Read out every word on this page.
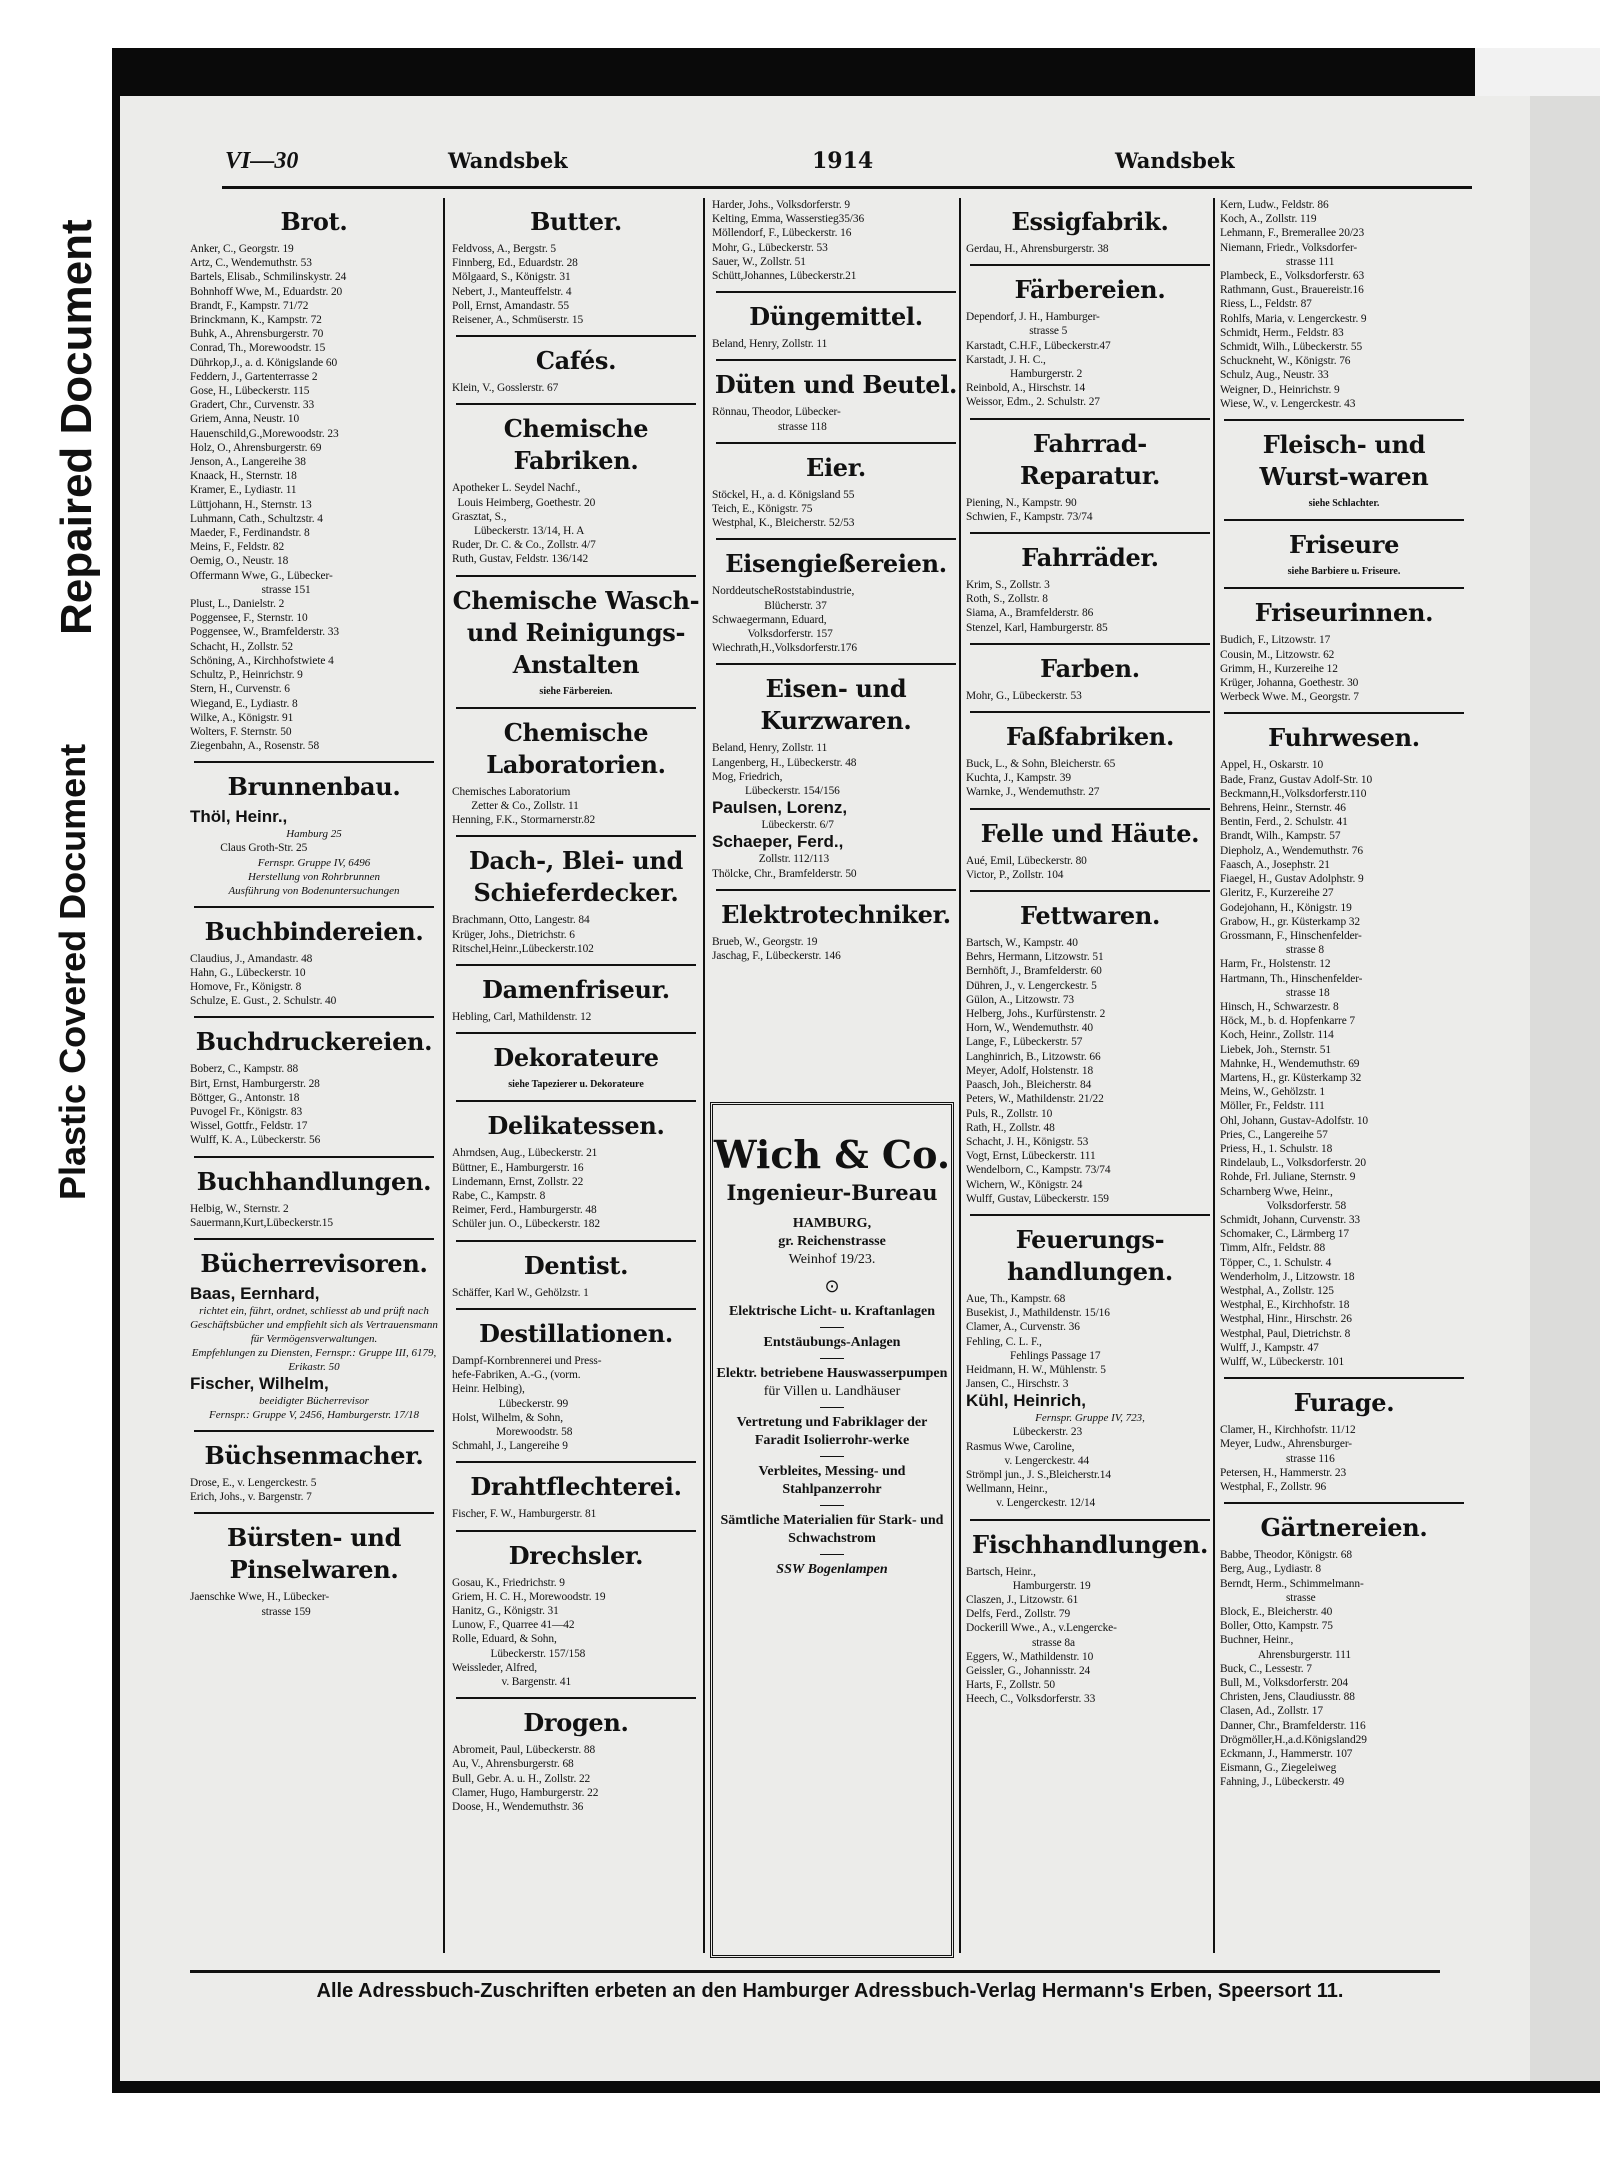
Plastic Covered Document
Repaired Document
VI—30	Wandsbek	1914	Wandsbek
Brot.
Anker, C., Georgstr. 19
Artz, C., Wendemuthstr. 53
Bartels, Elisab., Schmilinskystr. 24
Bohnhoff Wwe, M., Eduardstr. 20
Brandt, F., Kampstr. 71/72
Brinckmann, K., Kampstr. 72
Buhk, A., Ahrensburgerstr. 70
Conrad, Th., Morewoodstr. 15
Dührkop,J., a. d. Königslande 60
Feddern, J., Gartenterrasse 2
Gose, H., Lübeckerstr. 115
Gradert, Chr., Curvenstr. 33
Griem, Anna, Neustr. 10
Hauenschild,G.,Morewoodstr. 23
Holz, O., Ahrensburgerstr. 69
Jenson, A., Langereihe 38
Knaack, H., Sternstr. 18
Kramer, E., Lydiastr. 11
Lüttjohann, H., Sternstr. 13
Luhmann, Cath., Schultzstr. 4
Maeder, F., Ferdinandstr. 8
Meins, F., Feldstr. 82
Oemig, O., Neustr. 18
Offermann Wwe, G., Lübecker-
strasse 151
Plust, L., Danielstr. 2
Poggensee, F., Sternstr. 10
Poggensee, W., Bramfelderstr. 33
Schacht, H., Zollstr. 52
Schöning, A., Kirchhofstwiete 4
Schultz, P., Heinrichstr. 9
Stern, H., Curvenstr. 6
Wiegand, E., Lydiastr. 8
Wilke, A., Königstr. 91
Wolters, F. Sternstr. 50
Ziegenbahn, A., Rosenstr. 58
Brunnenbau.
Thöl, Heinr.,
Hamburg 25
Claus Groth-Str. 25
Fernspr. Gruppe IV, 6496
Herstellung von Rohrbrunnen
Ausführung von Bodenuntersuchungen
Buchbindereien.
Claudius, J., Amandastr. 48
Hahn, G., Lübeckerstr. 10
Homove, Fr., Königstr. 8
Schulze, E. Gust., 2. Schulstr. 40
Buchdruckereien.
Boberz, C., Kampstr. 88
Birt, Ernst, Hamburgerstr. 28
Böttger, G., Antonstr. 18
Puvogel Fr., Königstr. 83
Wissel, Gottfr., Feldstr. 17
Wulff, K. A., Lübeckerstr. 56
Buchhandlungen.
Helbig, W., Sternstr. 2
Sauermann,Kurt,Lübeckerstr.15
Bücherrevisoren.
Baas, Eernhard,
richtet ein, führt, ordnet, schliesst ab und prüft nach Geschäftsbücher und empfiehlt sich als Vertrauensmann für Vermögensverwaltungen.
Empfehlungen zu Diensten, Fernspr.: Gruppe III, 6179, Erikastr. 50
Fischer, Wilhelm,
beeidigter Bücherrevisor
Fernspr.: Gruppe V, 2456, Hamburgerstr. 17/18
Büchsenmacher.
Drose, E., v. Lengerckestr. 5
Erich, Johs., v. Bargenstr. 7
Bürsten- und Pinselwaren.
Jaenschke Wwe, H., Lübecker-
strasse 159
Butter.
Feldvoss, A., Bergstr. 5
Finnberg, Ed., Eduardstr. 28
Mölgaard, S., Königstr. 31
Nebert, J., Manteuffelstr. 4
Poll, Ernst, Amandastr. 55
Reisener, A., Schmüserstr. 15
Cafés.
Klein, V., Gosslerstr. 67
Chemische Fabriken.
Apotheker L. Seydel Nachf.,
Louis Heimberg, Goethestr. 20
Grasztat, S.,
Lübeckerstr. 13/14, H. A
Ruder, Dr. C. & Co., Zollstr. 4/7
Ruth, Gustav, Feldstr. 136/142
Chemische Wasch- und Reinigungs-Anstalten
siehe Färbereien.
Chemische Laboratorien.
Chemisches Laboratorium
Zetter & Co., Zollstr. 11
Henning, F.K., Stormarnerstr.82
Dach-, Blei- und Schieferdecker.
Brachmann, Otto, Langestr. 84
Krüger, Johs., Dietrichstr. 6
Ritschel,Heinr.,Lübeckerstr.102
Damenfriseur.
Hebling, Carl, Mathildenstr. 12
Dekorateure
siehe Tapezierer u. Dekorateure
Delikatessen.
Ahrndsen, Aug., Lübeckerstr. 21
Büttner, E., Hamburgerstr. 16
Lindemann, Ernst, Zollstr. 22
Rabe, C., Kampstr. 8
Reimer, Ferd., Hamburgerstr. 48
Schüler jun. O., Lübeckerstr. 182
Dentist.
Schäffer, Karl W., Gehölzstr. 1
Destillationen.
Dampf-Kornbrennerei und Press-
hefe-Fabriken, A.-G., (vorm.
Heinr. Helbing),
Lübeckerstr. 99
Holst, Wilhelm, & Sohn,
Morewoodstr. 58
Schmahl, J., Langereihe 9
Drahtflechterei.
Fischer, F. W., Hamburgerstr. 81
Drechsler.
Gosau, K., Friedrichstr. 9
Griem, H. C. H., Morewoodstr. 19
Hanitz, G., Königstr. 31
Lunow, F., Quarree 41—42
Rolle, Eduard, & Sohn,
Lübeckerstr. 157/158
Weissleder, Alfred,
v. Bargenstr. 41
Drogen.
Abromeit, Paul, Lübeckerstr. 88
Au, V., Ahrensburgerstr. 68
Bull, Gebr. A. u. H., Zollstr. 22
Clamer, Hugo, Hamburgerstr. 22
Doose, H., Wendemuthstr. 36
Harder, Johs., Volksdorferstr. 9
Kelting, Emma, Wasserstieg35/36
Möllendorf, F., Lübeckerstr. 16
Mohr, G., Lübeckerstr. 53
Sauer, W., Zollstr. 51
Schütt,Johannes, Lübeckerstr.21
Düngemittel.
Beland, Henry, Zollstr. 11
Düten und Beutel.
Rönnau, Theodor, Lübecker-
strasse 118
Eier.
Stöckel, H., a. d. Königsland 55
Teich, E., Königstr. 75
Westphal, K., Bleicherstr. 52/53
Eisengießereien.
NorddeutscheRoststabindustrie,
Blücherstr. 37
Schwaegermann, Eduard,
Volksdorferstr. 157
Wiechrath,H.,Volksdorferstr.176
Eisen- und Kurzwaren.
Beland, Henry, Zollstr. 11
Langenberg, H., Lübeckerstr. 48
Mog, Friedrich,
Lübeckerstr. 154/156
Paulsen, Lorenz,
Lübeckerstr. 6/7
Schaeper, Ferd.,
Zollstr. 112/113
Thölcke, Chr., Bramfelderstr. 50
Elektrotechniker.
Brueb, W., Georgstr. 19
Jaschag, F., Lübeckerstr. 146
Essigfabrik.
Gerdau, H., Ahrensburgerstr. 38
Färbereien.
Dependorf, J. H., Hamburger-
strasse 5
Karstadt, C.H.F., Lübeckerstr.47
Karstadt, J. H. C.,
Hamburgerstr. 2
Reinbold, A., Hirschstr. 14
Weissor, Edm., 2. Schulstr. 27
Fahrrad-Reparatur.
Piening, N., Kampstr. 90
Schwien, F., Kampstr. 73/74
Fahrräder.
Krim, S., Zollstr. 3
Roth, S., Zollstr. 8
Siama, A., Bramfelderstr. 86
Stenzel, Karl, Hamburgerstr. 85
Farben.
Mohr, G., Lübeckerstr. 53
Faßfabriken.
Buck, L., & Sohn, Bleicherstr. 65
Kuchta, J., Kampstr. 39
Warnke, J., Wendemuthstr. 27
Felle und Häute.
Aué, Emil, Lübeckerstr. 80
Victor, P., Zollstr. 104
Fettwaren.
Bartsch, W., Kampstr. 40
Behrs, Hermann, Litzowstr. 51
Bernhöft, J., Bramfelderstr. 60
Dühren, J., v. Lengerckestr. 5
Gülon, A., Litzowstr. 73
Helberg, Johs., Kurfürstenstr. 2
Horn, W., Wendemuthstr. 40
Lange, F., Lübeckerstr. 57
Langhinrich, B., Litzowstr. 66
Meyer, Adolf, Holstenstr. 18
Paasch, Joh., Bleicherstr. 84
Peters, W., Mathildenstr. 21/22
Puls, R., Zollstr. 10
Rath, H., Zollstr. 48
Schacht, J. H., Königstr. 53
Vogt, Ernst, Lübeckerstr. 111
Wendelborn, C., Kampstr. 73/74
Wichern, W., Königstr. 24
Wulff, Gustav, Lübeckerstr. 159
Feuerungs-handlungen.
Aue, Th., Kampstr. 68
Busekist, J., Mathildenstr. 15/16
Clamer, A., Curvenstr. 36
Fehling, C. L. F.,
Fehlings Passage 17
Heidmann, H. W., Mühlenstr. 5
Jansen, C., Hirschstr. 3
Kühl, Heinrich,
Fernspr. Gruppe IV, 723,
Lübeckerstr. 23
Rasmus Wwe, Caroline,
v. Lengerckestr. 44
Strömpl jun., J. S.,Bleicherstr.14
Wellmann, Heinr.,
v. Lengerckestr. 12/14
Fischhandlungen.
Bartsch, Heinr.,
Hamburgerstr. 19
Claszen, J., Litzowstr. 61
Delfs, Ferd., Zollstr. 79
Dockerill Wwe., A., v.Lengercke-
strasse 8a
Eggers, W., Mathildenstr. 10
Geissler, G., Johannisstr. 24
Harts, F., Zollstr. 50
Heech, C., Volksdorferstr. 33
Kern, Ludw., Feldstr. 86
Koch, A., Zollstr. 119
Lehmann, F., Bremerallee 20/23
Niemann, Friedr., Volksdorfer-
strasse 111
Plambeck, E., Volksdorferstr. 63
Rathmann, Gust., Brauereistr.16
Riess, L., Feldstr. 87
Rohlfs, Maria, v. Lengerckestr. 9
Schmidt, Herm., Feldstr. 83
Schmidt, Wilh., Lübeckerstr. 55
Schuckneht, W., Königstr. 76
Schulz, Aug., Neustr. 33
Weigner, D., Heinrichstr. 9
Wiese, W., v. Lengerckestr. 43
Fleisch- und Wurst-waren
siehe Schlachter.
Friseure
siehe Barbiere u. Friseure.
Friseurinnen.
Budich, F., Litzowstr. 17
Cousin, M., Litzowstr. 62
Grimm, H., Kurzereihe 12
Krüger, Johanna, Goethestr. 30
Werbeck Wwe. M., Georgstr. 7
Fuhrwesen.
Appel, H., Oskarstr. 10
Bade, Franz, Gustav Adolf-Str. 10
Beckmann,H.,Volksdorferstr.110
Behrens, Heinr., Sternstr. 46
Bentin, Ferd., 2. Schulstr. 41
Brandt, Wilh., Kampstr. 57
Diepholz, A., Wendemuthstr. 76
Faasch, A., Josephstr. 21
Fiaegel, H., Gustav Adolphstr. 9
Gleritz, F., Kurzereihe 27
Godejohann, H., Königstr. 19
Grabow, H., gr. Küsterkamp 32
Grossmann, F., Hinschenfelder-
strasse 8
Harm, Fr., Holstenstr. 12
Hartmann, Th., Hinschenfelder-
strasse 18
Hinsch, H., Schwarzestr. 8
Höck, M., b. d. Hopfenkarre 7
Koch, Heinr., Zollstr. 114
Liebek, Joh., Sternstr. 51
Mahnke, H., Wendemuthstr. 69
Martens, H., gr. Küsterkamp 32
Meins, W., Gehölzstr. 1
Möller, Fr., Feldstr. 111
Ohl, Johann, Gustav-Adolfstr. 10
Pries, C., Langereihe 57
Priess, H., 1. Schulstr. 18
Rindelaub, L., Volksdorferstr. 20
Rohde, Frl. Juliane, Sternstr. 9
Scharnberg Wwe, Heinr.,
Volksdorferstr. 58
Schmidt, Johann, Curvenstr. 33
Schomaker, C., Lärmberg 17
Timm, Alfr., Feldstr. 88
Töpper, C., 1. Schulstr. 4
Wenderholm, J., Litzowstr. 18
Westphal, A., Zollstr. 125
Westphal, E., Kirchhofstr. 18
Westphal, Hinr., Hirschstr. 26
Westphal, Paul, Dietrichstr. 8
Wulff, J., Kampstr. 47
Wulff, W., Lübeckerstr. 101
Furage.
Clamer, H., Kirchhofstr. 11/12
Meyer, Ludw., Ahrensburger-
strasse 116
Petersen, H., Hammerstr. 23
Westphal, F., Zollstr. 96
Gärtnereien.
Babbe, Theodor, Königstr. 68
Berg, Aug., Lydiastr. 8
Berndt, Herm., Schimmelmann-
strasse
Block, E., Bleicherstr. 40
Boller, Otto, Kampstr. 75
Buchner, Heinr.,
Ahrensburgerstr. 111
Buck, C., Lessestr. 7
Bull, M., Volksdorferstr. 204
Christen, Jens, Claudiusstr. 88
Clasen, Ad., Zollstr. 17
Danner, Chr., Bramfelderstr. 116
Drögmöller,H.,a.d.Königsland29
Eckmann, J., Hammerstr. 107
Eismann, G., Ziegeleiweg
Fahning, J., Lübeckerstr. 49
Wich & Co.
Ingenieur-Bureau
HAMBURG,
gr. Reichenstrasse
Weinhof 19/23.
⊙
Elektrische Licht- u. Kraftanlagen
Entstäubungs-Anlagen
Elektr. betriebene Hauswasserpumpen
für Villen u. Landhäuser
Vertretung und Fabriklager der Faradit Isolierrohr-werke
Verbleites, Messing- und Stahlpanzerrohr
Sämtliche Materialien für Stark- und Schwachstrom
SSW Bogenlampen
Alle Adressbuch-Zuschriften erbeten an den Hamburger Adressbuch-Verlag Hermann's Erben, Speersort 11.
